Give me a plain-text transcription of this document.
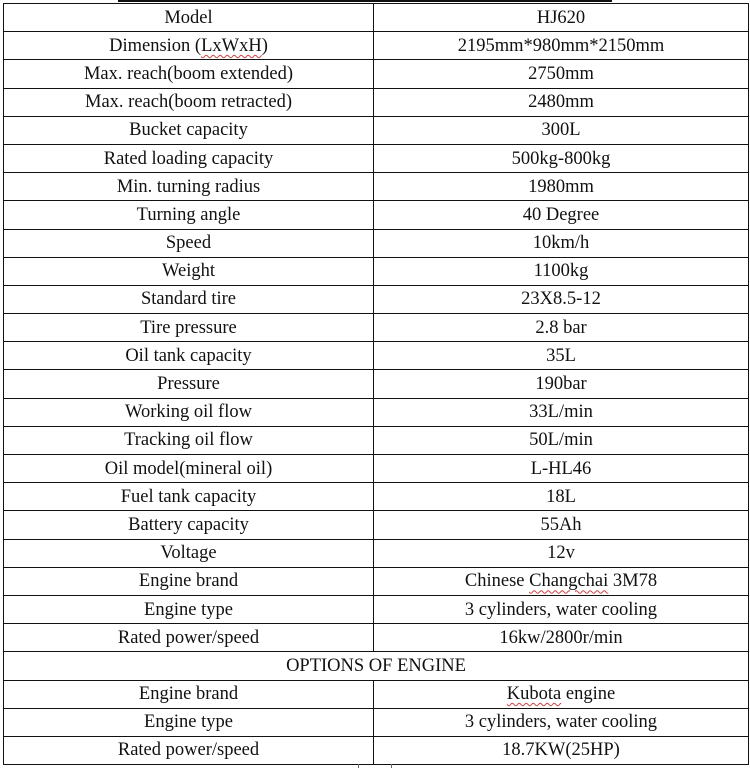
Model	HJ620
Dimension (LxWxH)	2195mm*980mm*2150mm
Max. reach(boom extended)	2750mm
Max. reach(boom retracted)	2480mm
Bucket capacity	300L
Rated loading capacity	500kg-800kg
Min. turning radius	1980mm
Turning angle	40 Degree
Speed	10km/h
Weight	1100kg
Standard tire	23X8.5-12
Tire pressure	2.8 bar
Oil tank capacity	35L
Pressure	190bar
Working oil flow	33L/min
Tracking oil flow	50L/min
Oil model(mineral oil)	L-HL46
Fuel tank capacity	18L
Battery capacity	55Ah
Voltage	12v
Engine brand	Chinese Changchai 3M78
Engine type	3 cylinders, water cooling
Rated power/speed	16kw/2800r/min
OPTIONS OF ENGINE	
Engine brand	Kubota engine
Engine type	3 cylinders, water cooling
Rated power/speed	18.7KW(25HP)
